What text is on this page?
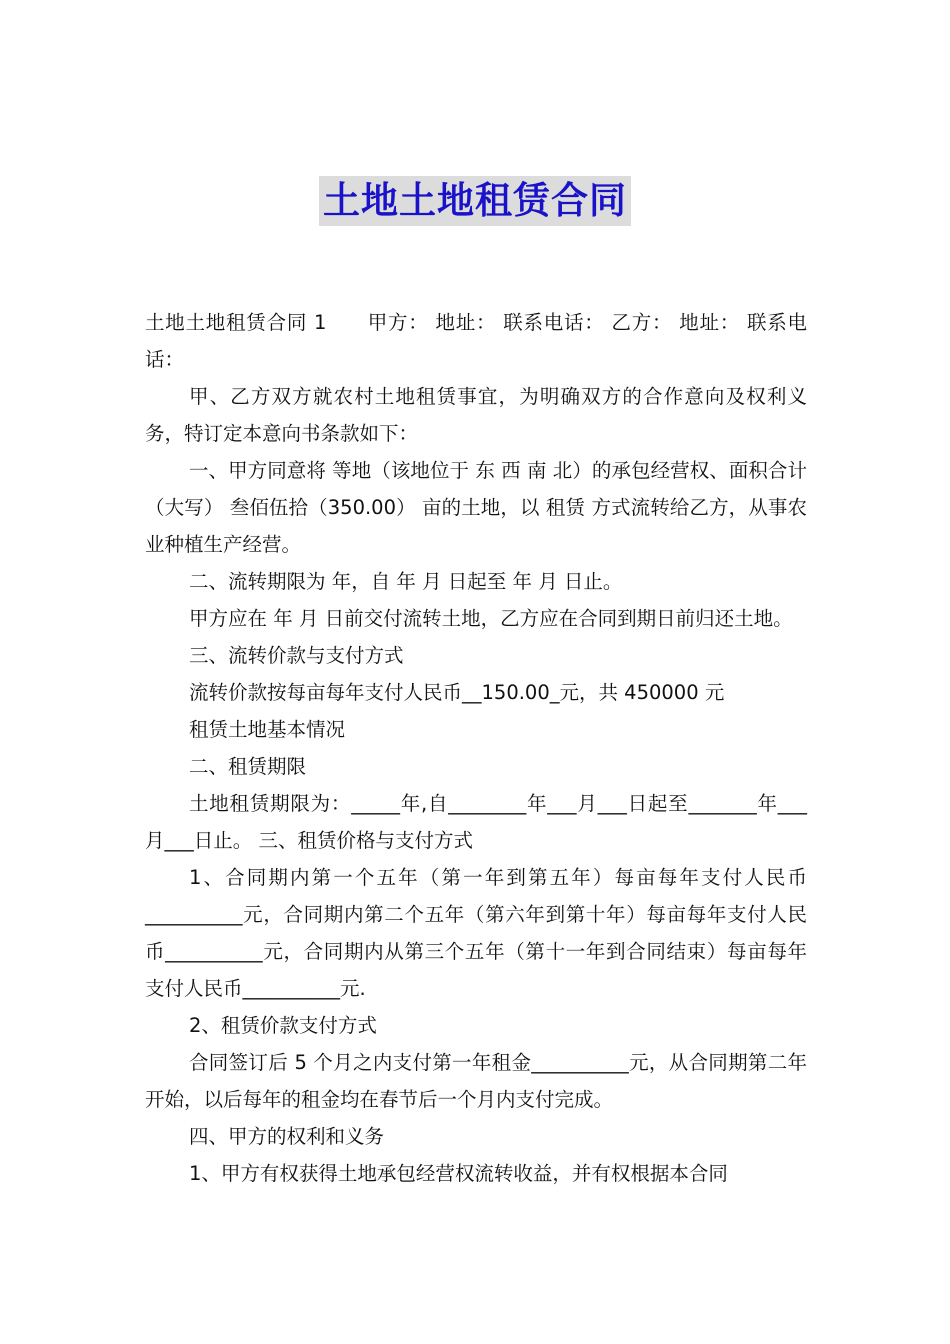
土地土地租赁合同

土地土地租赁合同 1　　甲方： 地址： 联系电话： 乙方： 地址： 联系电话：

甲、乙方双方就农村土地租赁事宜，为明确双方的合作意向及权利义务，特订定本意向书条款如下：

一、甲方同意将 等地（该地位于 东 西 南 北）的承包经营权、面积合计（大写） 叁佰伍拾（350.00） 亩的土地，以 租赁 方式流转给乙方，从事农业种植生产经营。

二、流转期限为 年，自 年 月 日起至 年 月 日止。

甲方应在 年 月 日前交付流转土地，乙方应在合同到期日前归还土地。

三、流转价款与支付方式

流转价款按每亩每年支付人民币__150.00_元，共 450000 元

租赁土地基本情况

二、租赁期限

土地租赁期限为：_____年,自________年___月___日起至_______年___月___日止。 三、租赁价格与支付方式

1、合同期内第一个五年（第一年到第五年）每亩每年支付人民币__________元，合同期内第二个五年（第六年到第十年）每亩每年支付人民币__________元，合同期内从第三个五年（第十一年到合同结束）每亩每年支付人民币__________元.

2、租赁价款支付方式

合同签订后 5 个月之内支付第一年租金__________元，从合同期第二年开始，以后每年的租金均在春节后一个月内支付完成。

四、甲方的权利和义务

1、甲方有权获得土地承包经营权流转收益，并有权根据本合同
